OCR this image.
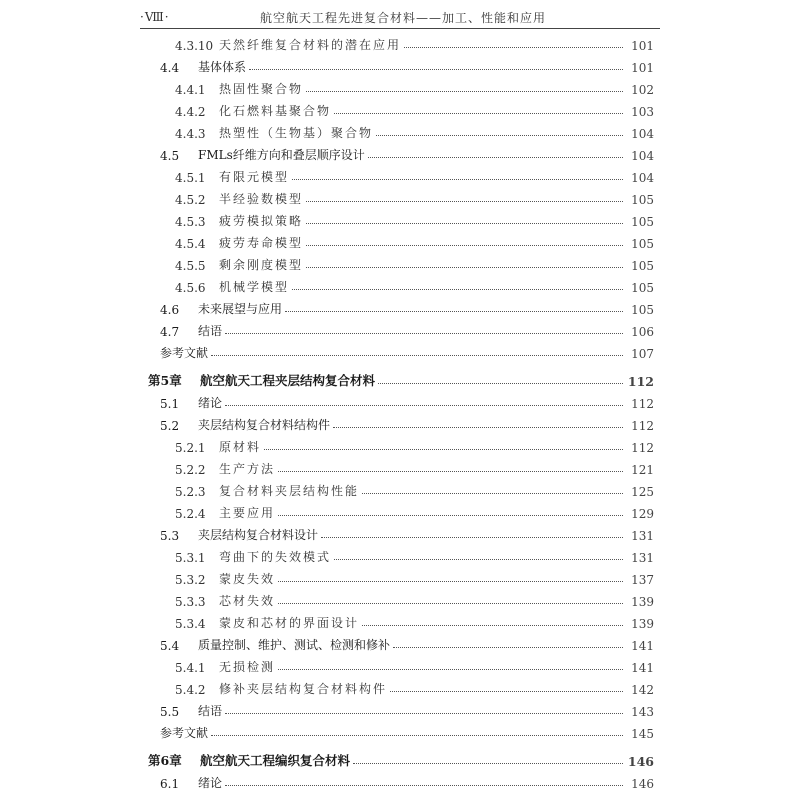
·Ⅷ·	航空航天工程先进复合材料——加工、性能和应用
4.3.10 天然纤维复合材料的潜在应用	101
4.4	基体体系	101
4.4.1	热固性聚合物	102
4.4.2	化石燃料基聚合物	103
4.4.3	热塑性（生物基）聚合物	104
4.5	FMLs纤维方向和叠层顺序设计	104
4.5.1	有限元模型	104
4.5.2	半经验数模型	105
4.5.3	疲劳模拟策略	105
4.5.4	疲劳寿命模型	105
4.5.5	剩余刚度模型	105
4.5.6	机械学模型	105
4.6	未来展望与应用	105
4.7	结语	106
参考文献	107
第5章	航空航天工程夹层结构复合材料	112
5.1	绪论	112
5.2	夹层结构复合材料结构件	112
5.2.1	原材料	112
5.2.2	生产方法	121
5.2.3	复合材料夹层结构性能	125
5.2.4	主要应用	129
5.3	夹层结构复合材料设计	131
5.3.1	弯曲下的失效模式	131
5.3.2	蒙皮失效	137
5.3.3	芯材失效	139
5.3.4	蒙皮和芯材的界面设计	139
5.4	质量控制、维护、测试、检测和修补	141
5.4.1	无损检测	141
5.4.2	修补夹层结构复合材料构件	142
5.5	结语	143
参考文献	145
第6章	航空航天工程编织复合材料	146
6.1	绪论	146
